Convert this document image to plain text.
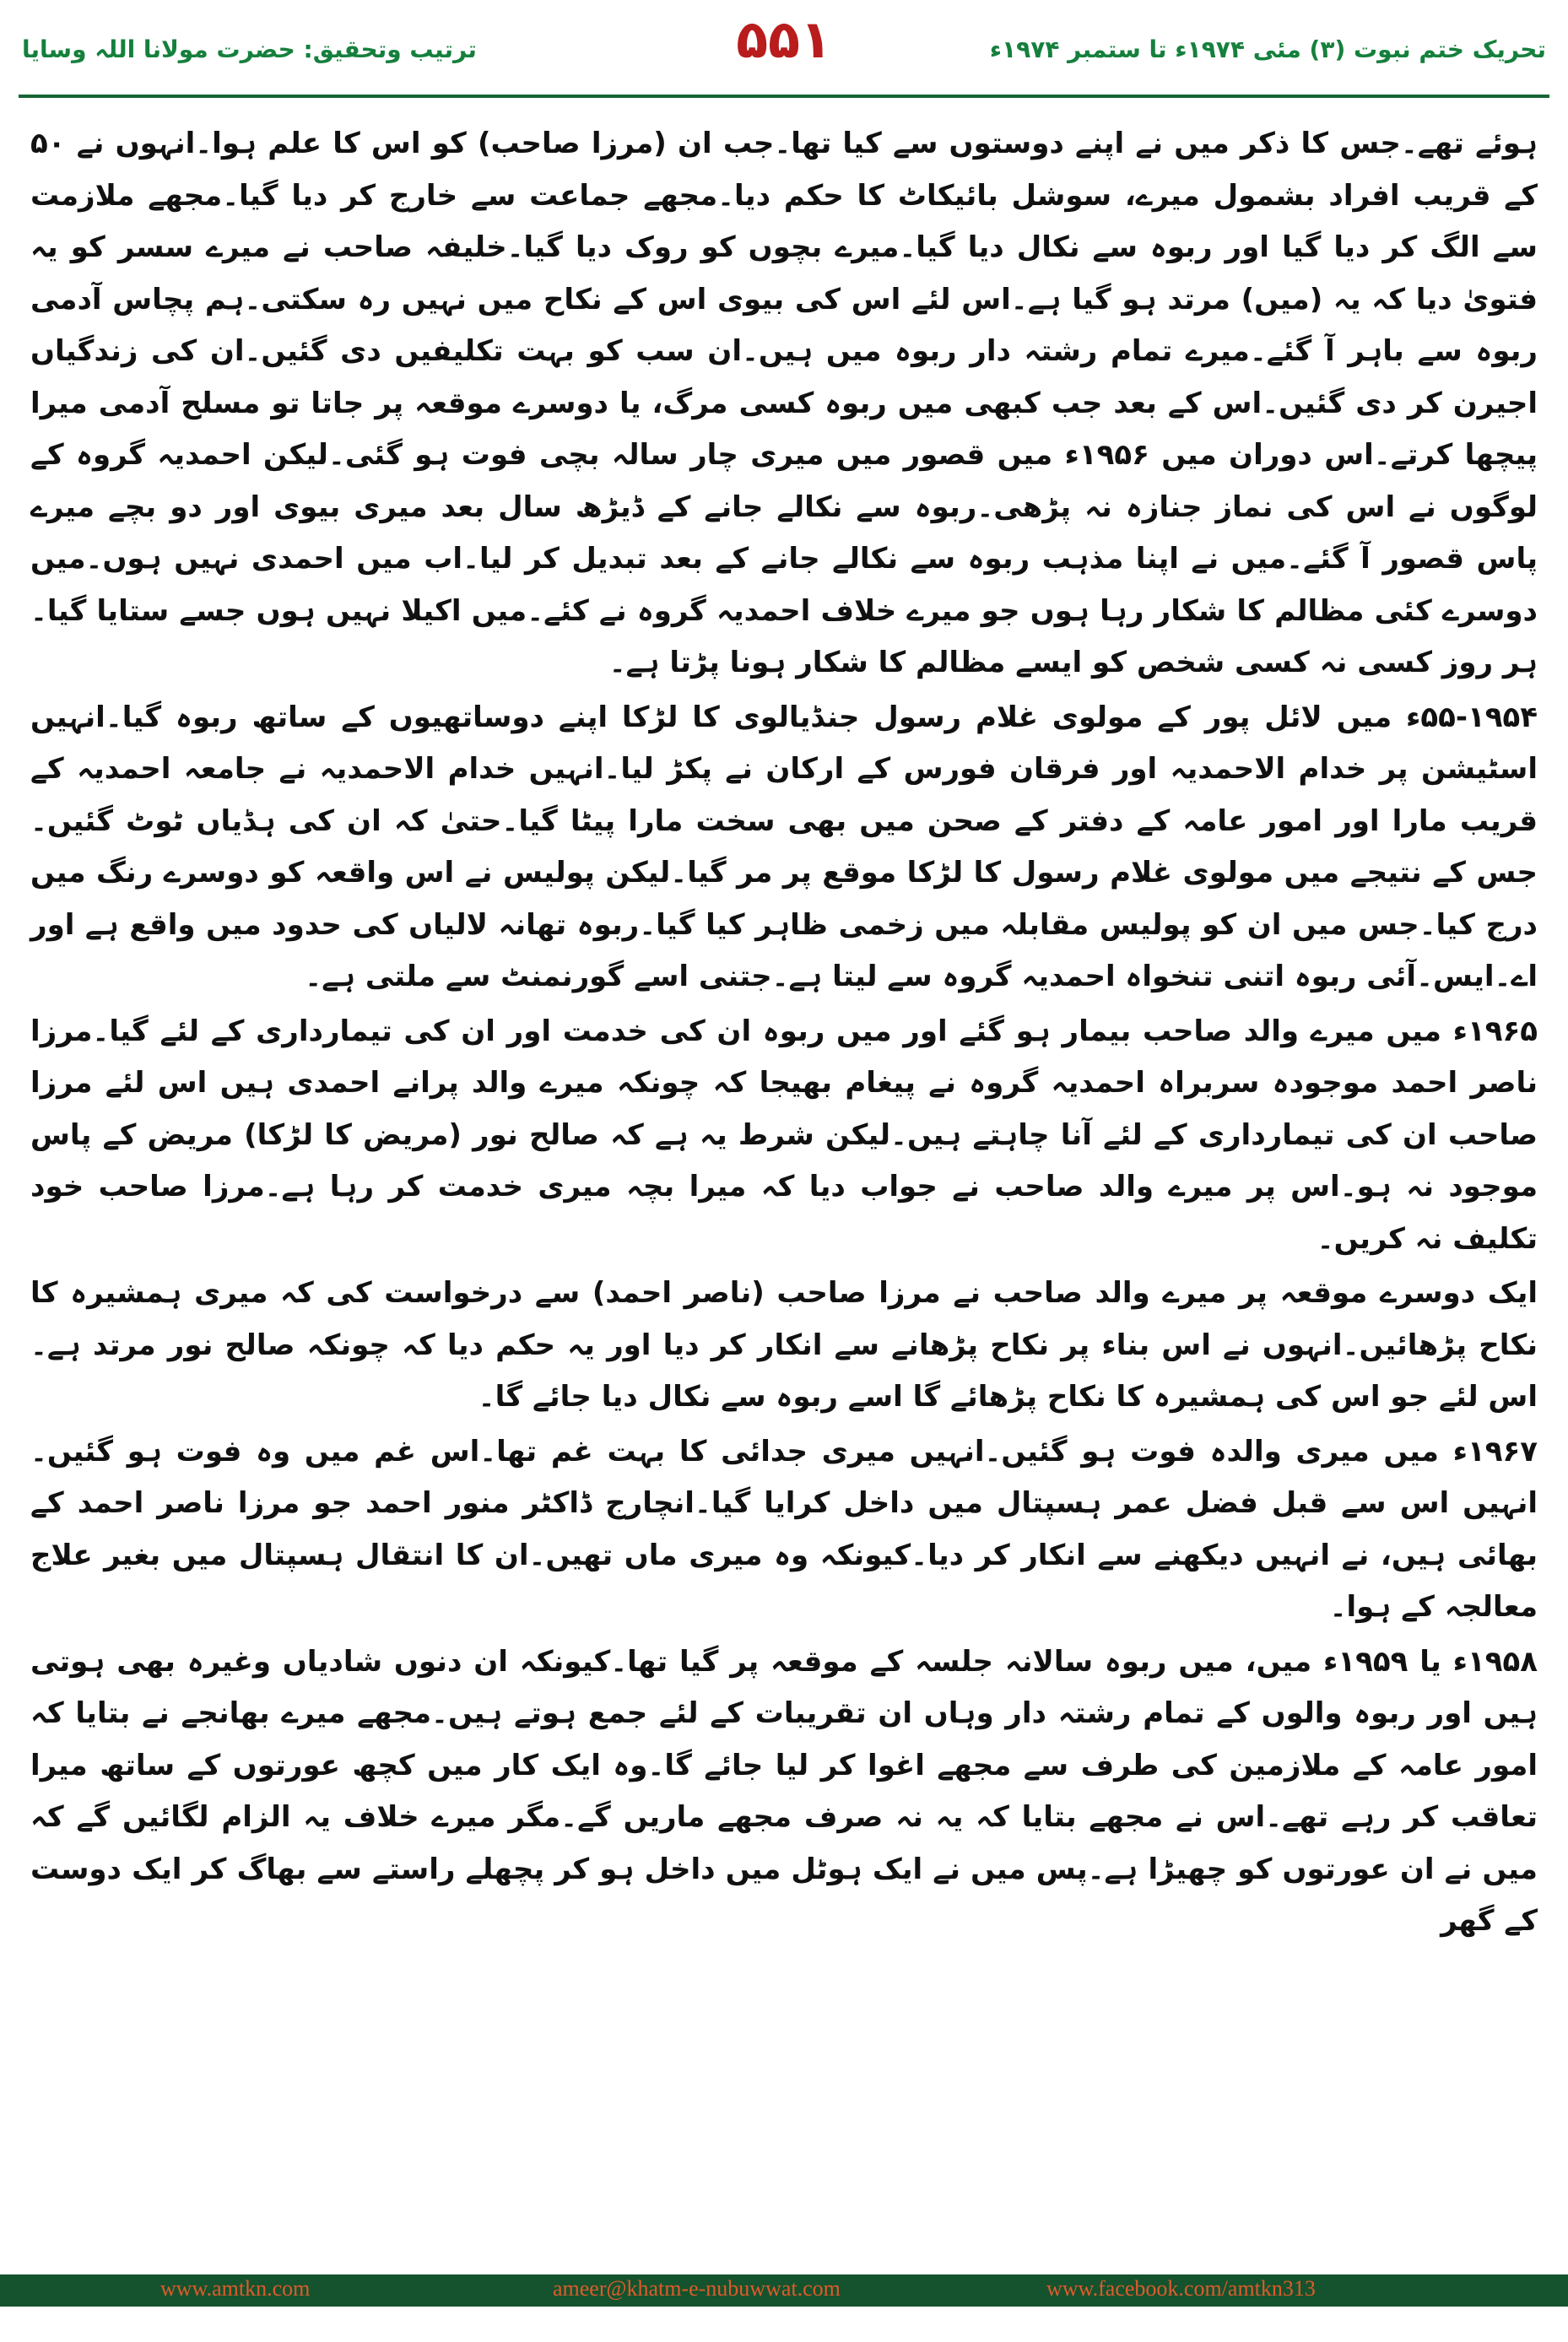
تحریک ختم نبوت (۳) مئی ۱۹۷۴ء تا ستمبر ۱۹۷۴ء
۵۵۱
ترتیب وتحقیق: حضرت مولانا اللہ وسایا

ہوئے تھے۔جس کا ذکر میں نے اپنے دوستوں سے کیا تھا۔جب ان (مرزا صاحب) کو اس کا علم ہوا۔انہوں نے ۵۰ کے قریب افراد بشمول میرے، سوشل بائیکاٹ کا حکم دیا۔مجھے جماعت سے خارج کر دیا گیا۔مجھے ملازمت سے الگ کر دیا گیا اور ربوہ سے نکال دیا گیا۔میرے بچوں کو روک دیا گیا۔خلیفہ صاحب نے میرے سسر کو یہ فتویٰ دیا کہ یہ (میں) مرتد ہو گیا ہے۔اس لئے اس کی بیوی اس کے نکاح میں نہیں رہ سکتی۔ہم پچاس آدمی ربوہ سے باہر آ گئے۔میرے تمام رشتہ دار ربوہ میں ہیں۔ان سب کو بہت تکلیفیں دی گئیں۔ان کی زندگیاں اجیرن کر دی گئیں۔اس کے بعد جب کبھی میں ربوہ کسی مرگ، یا دوسرے موقعہ پر جاتا تو مسلح آدمی میرا پیچھا کرتے۔اس دوران میں ۱۹۵۶ء میں قصور میں میری چار سالہ بچی فوت ہو گئی۔لیکن احمدیہ گروہ کے لوگوں نے اس کی نماز جنازہ نہ پڑھی۔ربوہ سے نکالے جانے کے ڈیڑھ سال بعد میری بیوی اور دو بچے میرے پاس قصور آ گئے۔میں نے اپنا مذہب ربوہ سے نکالے جانے کے بعد تبدیل کر لیا۔اب میں احمدی نہیں ہوں۔میں دوسرے کئی مظالم کا شکار رہا ہوں جو میرے خلاف احمدیہ گروہ نے کئے۔میں اکیلا نہیں ہوں جسے ستایا گیا۔ہر روز کسی نہ کسی شخص کو ایسے مظالم کا شکار ہونا پڑتا ہے۔

۵۵-۱۹۵۴ء میں لائل پور کے مولوی غلام رسول جنڈیالوی کا لڑکا اپنے دوساتھیوں کے ساتھ ربوہ گیا۔انہیں اسٹیشن پر خدام الاحمدیہ اور فرقان فورس کے ارکان نے پکڑ لیا۔انہیں خدام الاحمدیہ نے جامعہ احمدیہ کے قریب مارا اور امور عامہ کے دفتر کے صحن میں بھی سخت مارا پیٹا گیا۔حتیٰ کہ ان کی ہڈیاں ٹوٹ گئیں۔جس کے نتیجے میں مولوی غلام رسول کا لڑکا موقع پر مر گیا۔لیکن پولیس نے اس واقعہ کو دوسرے رنگ میں درج کیا۔جس میں ان کو پولیس مقابلہ میں زخمی ظاہر کیا گیا۔ربوہ تھانہ لالیاں کی حدود میں واقع ہے اور اے۔ایس۔آئی ربوہ اتنی تنخواہ احمدیہ گروہ سے لیتا ہے۔جتنی اسے گورنمنٹ سے ملتی ہے۔

۱۹۶۵ء میں میرے والد صاحب بیمار ہو گئے اور میں ربوہ ان کی خدمت اور ان کی تیمارداری کے لئے گیا۔مرزا ناصر احمد موجودہ سربراہ احمدیہ گروہ نے پیغام بھیجا کہ چونکہ میرے والد پرانے احمدی ہیں اس لئے مرزا صاحب ان کی تیمارداری کے لئے آنا چاہتے ہیں۔لیکن شرط یہ ہے کہ صالح نور (مریض کا لڑکا) مریض کے پاس موجود نہ ہو۔اس پر میرے والد صاحب نے جواب دیا کہ میرا بچہ میری خدمت کر رہا ہے۔مرزا صاحب خود تکلیف نہ کریں۔

ایک دوسرے موقعہ پر میرے والد صاحب نے مرزا صاحب (ناصر احمد) سے درخواست کی کہ میری ہمشیرہ کا نکاح پڑھائیں۔انہوں نے اس بناء پر نکاح پڑھانے سے انکار کر دیا اور یہ حکم دیا کہ چونکہ صالح نور مرتد ہے۔اس لئے جو اس کی ہمشیرہ کا نکاح پڑھائے گا اسے ربوہ سے نکال دیا جائے گا۔

۱۹۶۷ء میں میری والدہ فوت ہو گئیں۔انہیں میری جدائی کا بہت غم تھا۔اس غم میں وہ فوت ہو گئیں۔انہیں اس سے قبل فضل عمر ہسپتال میں داخل کرایا گیا۔انچارج ڈاکٹر منور احمد جو مرزا ناصر احمد کے بھائی ہیں، نے انہیں دیکھنے سے انکار کر دیا۔کیونکہ وہ میری ماں تھیں۔ان کا انتقال ہسپتال میں بغیر علاج معالجہ کے ہوا۔

۱۹۵۸ء یا ۱۹۵۹ء میں، میں ربوہ سالانہ جلسہ کے موقعہ پر گیا تھا۔کیونکہ ان دنوں شادیاں وغیرہ بھی ہوتی ہیں اور ربوہ والوں کے تمام رشتہ دار وہاں ان تقریبات کے لئے جمع ہوتے ہیں۔مجھے میرے بھانجے نے بتایا کہ امور عامہ کے ملازمین کی طرف سے مجھے اغوا کر لیا جائے گا۔وہ ایک کار میں کچھ عورتوں کے ساتھ میرا تعاقب کر رہے تھے۔اس نے مجھے بتایا کہ یہ نہ صرف مجھے ماریں گے۔مگر میرے خلاف یہ الزام لگائیں گے کہ میں نے ان عورتوں کو چھیڑا ہے۔پس میں نے ایک ہوٹل میں داخل ہو کر پچھلے راستے سے بھاگ کر ایک دوست کے گھر

www.amtkn.com	ameer@khatm-e-nubuwwat.com	www.facebook.com/amtkn313
